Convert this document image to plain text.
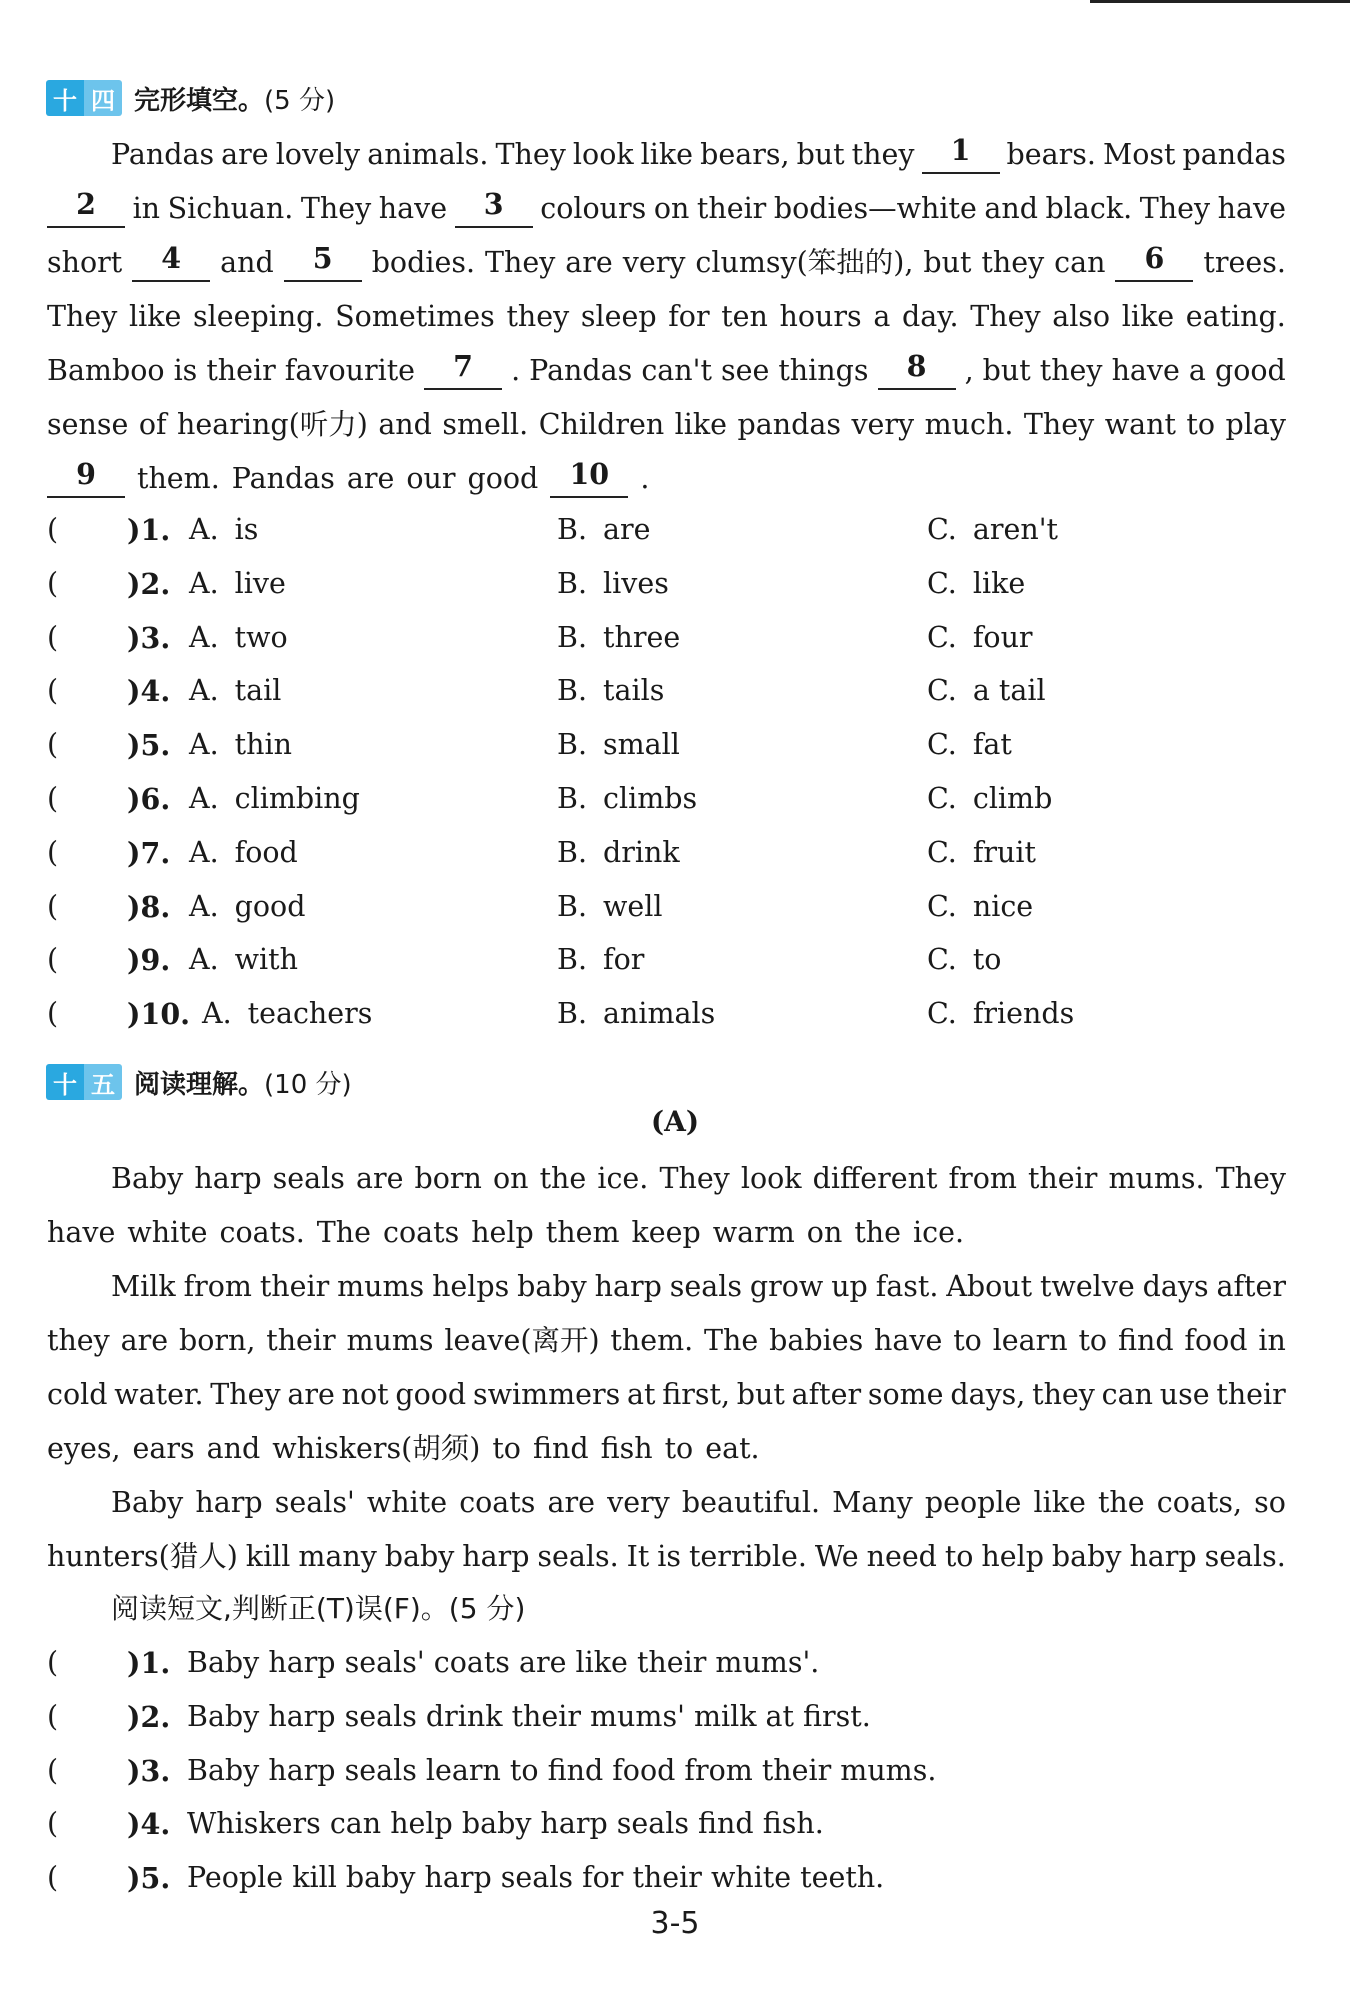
十 四 完形填空。 (5 分)
Pandas are lovely animals. They look like bears, but they	1	bears. Most pandas
2	in Sichuan. They have	3	colours on their bodies—white and black. They have
short	4	and	5	bodies. They are very clumsy(笨拙的), but they can	6	trees.
They like sleeping. Sometimes they sleep for ten hours a day. They also like eating.
Bamboo is their favourite	7	. Pandas can't see things	8	, but they have a good
sense of hearing(听力) and smell. Children like pandas very much. They want to play
9	them. Pandas are our good	10	.
( )1. A. is	B. are	C. aren't
( )2. A. live	B. lives	C. like
( )3. A. two	B. three	C. four
( )4. A. tail	B. tails	C. a tail
( )5. A. thin	B. small	C. fat
( )6. A. climbing	B. climbs	C. climb
( )7. A. food	B. drink	C. fruit
( )8. A. good	B. well	C. nice
( )9. A. with	B. for	C. to
( )10. A. teachers	B. animals	C. friends
十 五 阅读理解。 (10 分)
(A)
Baby harp seals are born on the ice. They look different from their mums. They
have white coats. The coats help them keep warm on the ice.
Milk from their mums helps baby harp seals grow up fast. About twelve days after
they are born, their mums leave(离开) them. The babies have to learn to find food in
cold water. They are not good swimmers at first, but after some days, they can use their
eyes, ears and whiskers(胡须) to find fish to eat.
Baby harp seals' white coats are very beautiful. Many people like the coats, so
hunters(猎人) kill many baby harp seals. It is terrible. We need to help baby harp seals.
阅读短文,判断正(T)误(F)。(5 分)
( )1. Baby harp seals' coats are like their mums'.
( )2. Baby harp seals drink their mums' milk at first.
( )3. Baby harp seals learn to find food from their mums.
( )4. Whiskers can help baby harp seals find fish.
( )5. People kill baby harp seals for their white teeth.
3-5
